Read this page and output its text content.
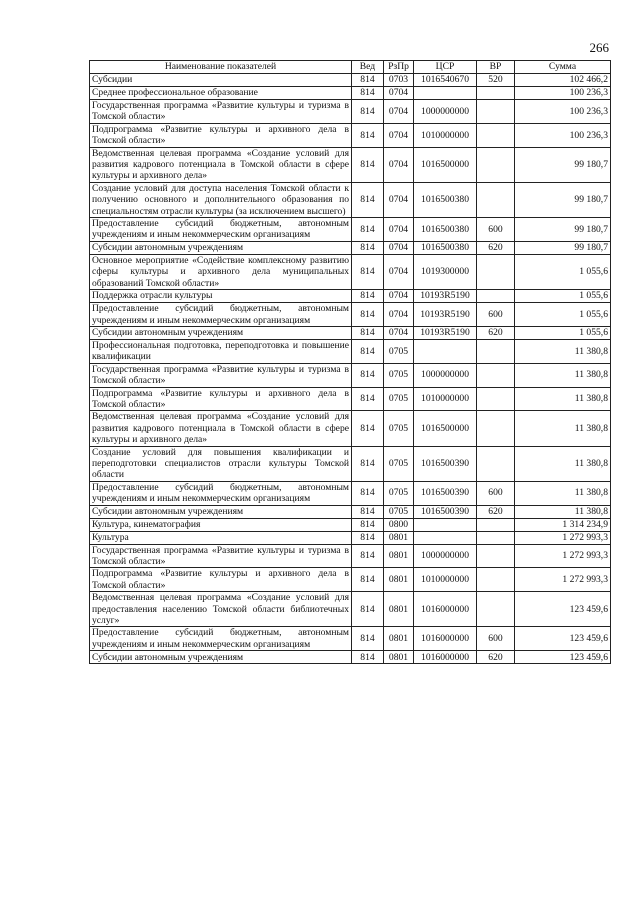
266
Наименование показателей	Вед	РзПр	ЦСР	ВР	Сумма
Субсидии	814	0703	1016540670	520	102 466,2
Среднее профессиональное образование	814	0704			100 236,3
Государственная программа «Развитие культуры и туризма в Томской области»	814	0704	1000000000		100 236,3
Подпрограмма «Развитие культуры и архивного дела в Томской области»	814	0704	1010000000		100 236,3
Ведомственная целевая программа «Создание условий для развития кадрового потенциала в Томской области в сфере культуры и архивного дела»	814	0704	1016500000		99 180,7
Создание условий для доступа населения Томской области к получению основного и дополнительного образования по специальностям отрасли культуры (за исключением высшего)	814	0704	1016500380		99 180,7
Предоставление субсидий бюджетным, автономным учреждениям и иным некоммерческим организациям	814	0704	1016500380	600	99 180,7
Субсидии автономным учреждениям	814	0704	1016500380	620	99 180,7
Основное мероприятие «Содействие комплексному развитию сферы культуры и архивного дела муниципальных образований Томской области»	814	0704	1019300000		1 055,6
Поддержка отрасли культуры	814	0704	10193R5190		1 055,6
Предоставление субсидий бюджетным, автономным учреждениям и иным некоммерческим организациям	814	0704	10193R5190	600	1 055,6
Субсидии автономным учреждениям	814	0704	10193R5190	620	1 055,6
Профессиональная подготовка, переподготовка и повышение квалификации	814	0705			11 380,8
Государственная программа «Развитие культуры и туризма в Томской области»	814	0705	1000000000		11 380,8
Подпрограмма «Развитие культуры и архивного дела в Томской области»	814	0705	1010000000		11 380,8
Ведомственная целевая программа «Создание условий для развития кадрового потенциала в Томской области в сфере культуры и архивного дела»	814	0705	1016500000		11 380,8
Создание условий для повышения квалификации и переподготовки специалистов отрасли культуры Томской области	814	0705	1016500390		11 380,8
Предоставление субсидий бюджетным, автономным учреждениям и иным некоммерческим организациям	814	0705	1016500390	600	11 380,8
Субсидии автономным учреждениям	814	0705	1016500390	620	11 380,8
Культура, кинематография	814	0800			1 314 234,9
Культура	814	0801			1 272 993,3
Государственная программа «Развитие культуры и туризма в Томской области»	814	0801	1000000000		1 272 993,3
Подпрограмма «Развитие культуры и архивного дела в Томской области»	814	0801	1010000000		1 272 993,3
Ведомственная целевая программа «Создание условий для предоставления населению Томской области библиотечных услуг»	814	0801	1016000000		123 459,6
Предоставление субсидий бюджетным, автономным учреждениям и иным некоммерческим организациям	814	0801	1016000000	600	123 459,6
Субсидии автономным учреждениям	814	0801	1016000000	620	123 459,6
